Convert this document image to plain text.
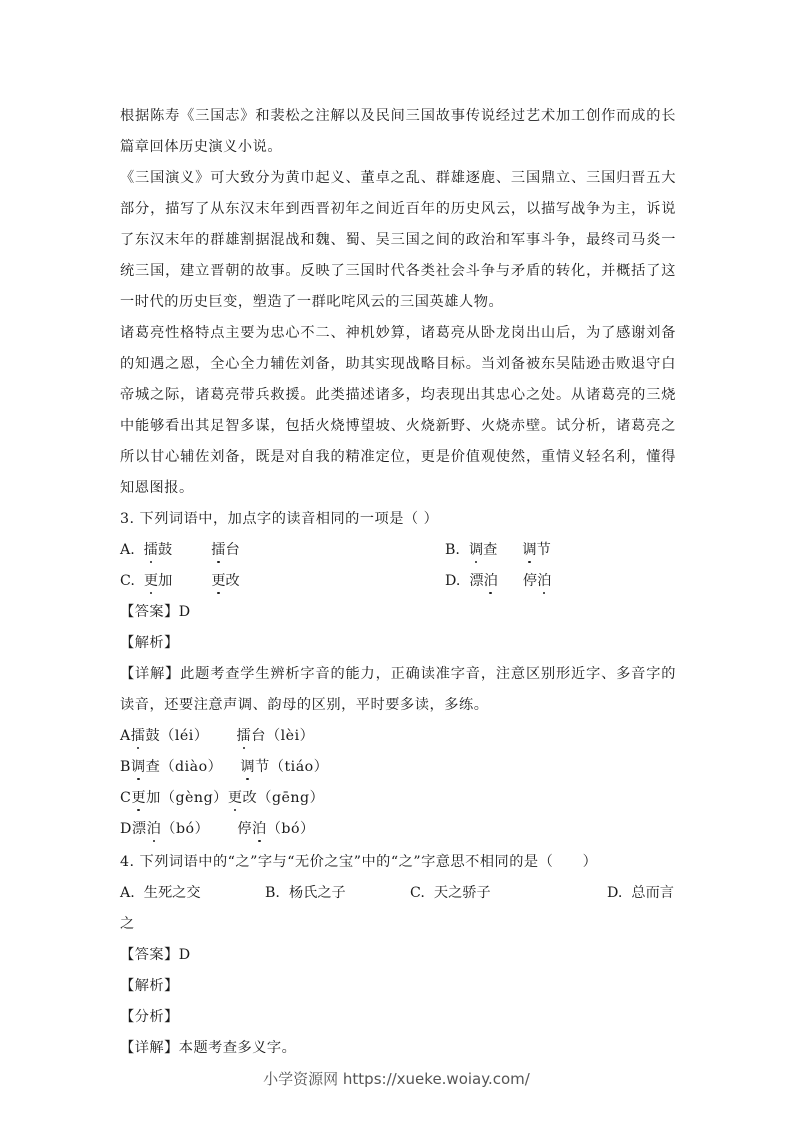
根据陈寿《三国志》和裴松之注解以及民间三国故事传说经过艺术加工创作而成的长篇章回体历史演义小说。
《三国演义》可大致分为黄巾起义、董卓之乱、群雄逐鹿、三国鼎立、三国归晋五大部分，描写了从东汉末年到西晋初年之间近百年的历史风云，以描写战争为主，诉说了东汉末年的群雄割据混战和魏、蜀、吴三国之间的政治和军事斗争，最终司马炎一统三国，建立晋朝的故事。反映了三国时代各类社会斗争与矛盾的转化，并概括了这一时代的历史巨变，塑造了一群叱咤风云的三国英雄人物。
诸葛亮性格特点主要为忠心不二、神机妙算，诸葛亮从卧龙岗出山后，为了感谢刘备的知遇之恩，全心全力辅佐刘备，助其实现战略目标。当刘备被东吴陆逊击败退守白帝城之际，诸葛亮带兵救援。此类描述诸多，均表现出其忠心之处。从诸葛亮的三烧中能够看出其足智多谋，包括火烧博望坡、火烧新野、火烧赤壁。试分析，诸葛亮之所以甘心辅佐刘备，既是对自我的精准定位，更是价值观使然，重情义轻名利，懂得知恩图报。
3. 下列词语中，加点字的读音相同的一项是（ ）
A. 擂鼓	擂台	B. 调查 调节
C. 更加	更改	D. 漂泊 停泊
【答案】D
【解析】
【详解】此题考查学生辨析字音的能力，正确读准字音，注意区别形近字、多音字的读音，还要注意声调、韵母的区别，平时要多读，多练。
A擂鼓（léi） 擂台（lèi）
B调查（diào） 调节（tiáo）
C更加（gèng）更改（gēng）
D漂泊（bó） 停泊（bó）
4. 下列词语中的“之”字与“无价之宝”中的“之”字意思不相同的是（　　）
A. 生死之交	B. 杨氏之子	C. 天之骄子	D. 总而言
之
【答案】D
【解析】
【分析】
【详解】本题考查多义字。
小学资源网 https://xueke.woiay.com/
